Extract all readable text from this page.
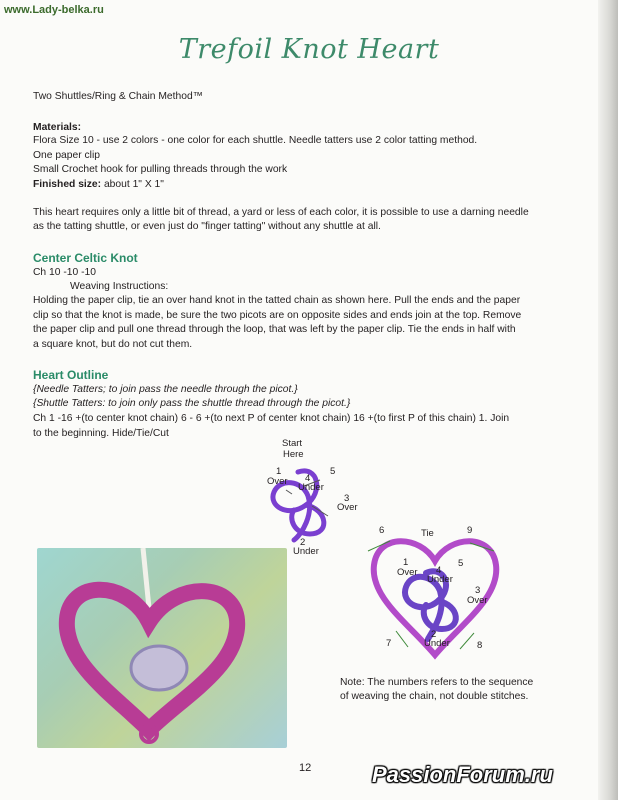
www.Lady-belka.ru
Trefoil Knot Heart
Two Shuttles/Ring & Chain Method™
Materials:
Flora Size 10 - use 2 colors - one color for each shuttle. Needle tatters use 2 color tatting method.
One paper clip
Small Crochet hook for pulling threads through the work
Finished size: about 1" X 1"
This heart requires only a little bit of thread, a yard or less of each color, it is possible to use a darning needle
as the tatting shuttle, or even just do "finger tatting" without any shuttle at all.
Center Celtic Knot
Ch 10 -10 -10
Weaving Instructions:
Holding the paper clip, tie an over hand knot in the tatted chain as shown here. Pull the ends and the paper
clip so that the knot is made, be sure the two picots are on opposite sides and ends join at the top. Remove
the paper clip and pull one thread through the loop, that was left by the paper clip. Tie the ends in half with
a square knot, but do not cut them.
Heart Outline
{Needle Tatters; to join pass the needle through the picot.}
{Shuttle Tatters: to join only pass the shuttle thread through the picot.}
Ch 1 -16 +(to center knot chain) 6 - 6 +(to next P of center knot chain) 16 +(to first P of this chain) 1. Join
to the beginning. Hide/Tie/Cut
Start
Here
1
Over 4
Under
5
3
Over
2
Under
6	Tie	9
1
Over 4
Under
5
3
Over
7
2
Under	8
Note: The numbers refers to the sequence
of weaving the chain, not double stitches.
12	PassionForum.ru
